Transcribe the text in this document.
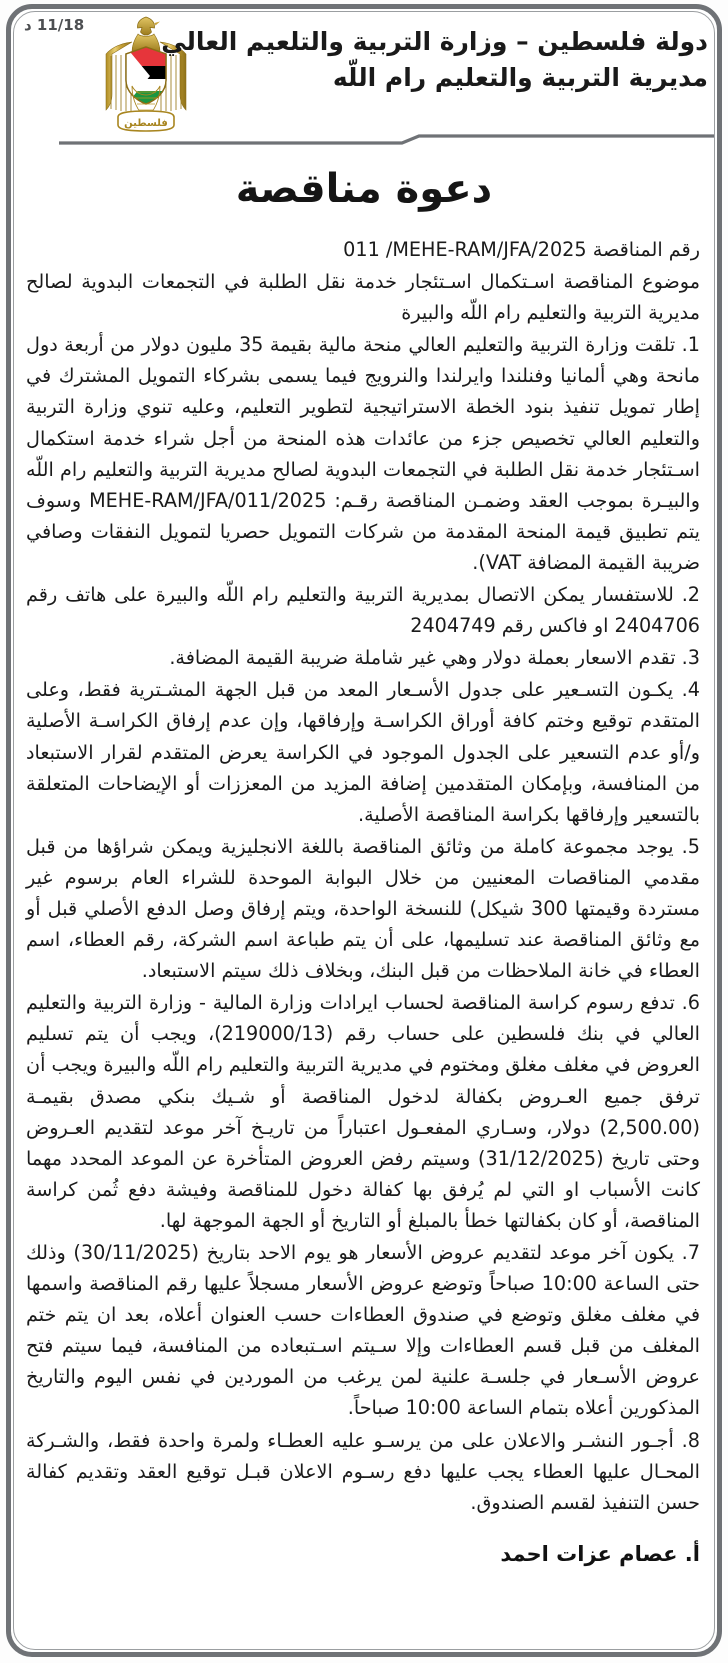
11/18 د
فلسطين
دولة فلسطين – وزارة التربية والتلعيم العالي
مديرية التربية والتعليم رام اللّه
دعوة مناقصة

رقم المناقصة 011 /MEHE-RAM/JFA/2025

موضوع المناقصة اسـتكمال اسـتئجار خدمة نقل الطلبة في التجمعات البدوية لصالح مديرية التربية والتعليم رام اللّه والبيرة

1. تلقت وزارة التربية والتعليم العالي منحة مالية بقيمة 35 مليون دولار من أربعة دول مانحة وهي ألمانيا وفنلندا وايرلندا والنرويج فيما يسمى بشركاء التمويل المشترك في إطار تمويل تنفيذ بنود الخطة الاستراتيجية لتطوير التعليم، وعليه تنوي وزارة التربية والتعليم العالي تخصيص جزء من عائدات هذه المنحة من أجل شراء خدمة استكمال اسـتئجار خدمة نقل الطلبة في التجمعات البدوية لصالح مديرية التربية والتعليم رام اللّه والبيـرة بموجب العقد وضمـن المناقصة رقـم: MEHE-RAM/JFA/011/2025 وسوف يتم تطبيق قيمة المنحة المقدمة من شركات التمويل حصريا لتمويل النفقات وصافي ضريبة القيمة المضافة VAT).

2. للاستفسار يمكن الاتصال بمديرية التربية والتعليم رام اللّه والبيرة على هاتف رقم 2404706 او فاكس رقم 2404749

3. تقدم الاسعار بعملة دولار وهي غير شاملة ضريبة القيمة المضافة.

4. يكـون التسـعير على جدول الأسـعار المعد من قبل الجهة المشـترية فقط، وعلى المتقدم توقيع وختم كافة أوراق الكراسـة وإرفاقها، وإن عدم إرفاق الكراسـة الأصلية و/أو عدم التسعير على الجدول الموجود في الكراسة يعرض المتقدم لقرار الاستبعاد من المنافسة، وبإمكان المتقدمين إضافة المزيد من المعززات أو الإيضاحات المتعلقة بالتسعير وإرفاقها بكراسة المناقصة الأصلية.

5. يوجد مجموعة كاملة من وثائق المناقصة باللغة الانجليزية ويمكن شراؤها من قبل مقدمي المناقصات المعنيين من خلال البوابة الموحدة للشراء العام برسوم غير مستردة وقيمتها 300 شيكل) للنسخة الواحدة، ويتم إرفاق وصل الدفع الأصلي قبل أو مع وثائق المناقصة عند تسليمها، على أن يتم طباعة اسم الشركة، رقم العطاء، اسم العطاء في خانة الملاحظات من قبل البنك، وبخلاف ذلك سيتم الاستبعاد.

6. تدفع رسوم كراسة المناقصة لحساب ايرادات وزارة المالية - وزارة التربية والتعليم العالي في بنك فلسطين على حساب رقم (219000/13)، ويجب أن يتم تسليم العروض في مغلف مغلق ومختوم في مديرية التربية والتعليم رام اللّه والبيرة ويجب أن ترفق جميع العـروض بكفالة لدخول المناقصة أو شـيك بنكي مصدق بقيمـة (2,500.00) دولار، وسـاري المفعـول اعتباراً من تاريـخ آخر موعد لتقديم العـروض وحتى تاريخ (31/12/2025) وسيتم رفض العروض المتأخرة عن الموعد المحدد مهما كانت الأسباب او التي لم يُرفق بها كفالة دخول للمناقصة وفيشة دفع ثُمن كراسة المناقصة، أو كان بكفالتها خطأ بالمبلغ أو التاريخ أو الجهة الموجهة لها.

7. يكون آخر موعد لتقديم عروض الأسعار هو يوم الاحد بتاريخ (30/11/2025) وذلك حتى الساعة 10:00 صباحاً وتوضع عروض الأسعار مسجلاً عليها رقم المناقصة واسمها في مغلف مغلق وتوضع في صندوق العطاءات حسب العنوان أعلاه، بعد ان يتم ختم المغلف من قبل قسم العطاءات وإلا سـيتم اسـتبعاده من المنافسة، فيما سيتم فتح عروض الأسـعار في جلسـة علنية لمن يرغب من الموردين في نفس اليوم والتاريخ المذكورين أعلاه بتمام الساعة 10:00 صباحاً.

8. أجـور النشـر والاعلان على من يرسـو عليه العطـاء ولمرة واحدة فقط، والشـركة المحـال عليها العطاء يجب عليها دفع رسـوم الاعلان قبـل توقيع العقد وتقديم كفالة حسن التنفيذ لقسم الصندوق.

أ. عصام عزات احمد
